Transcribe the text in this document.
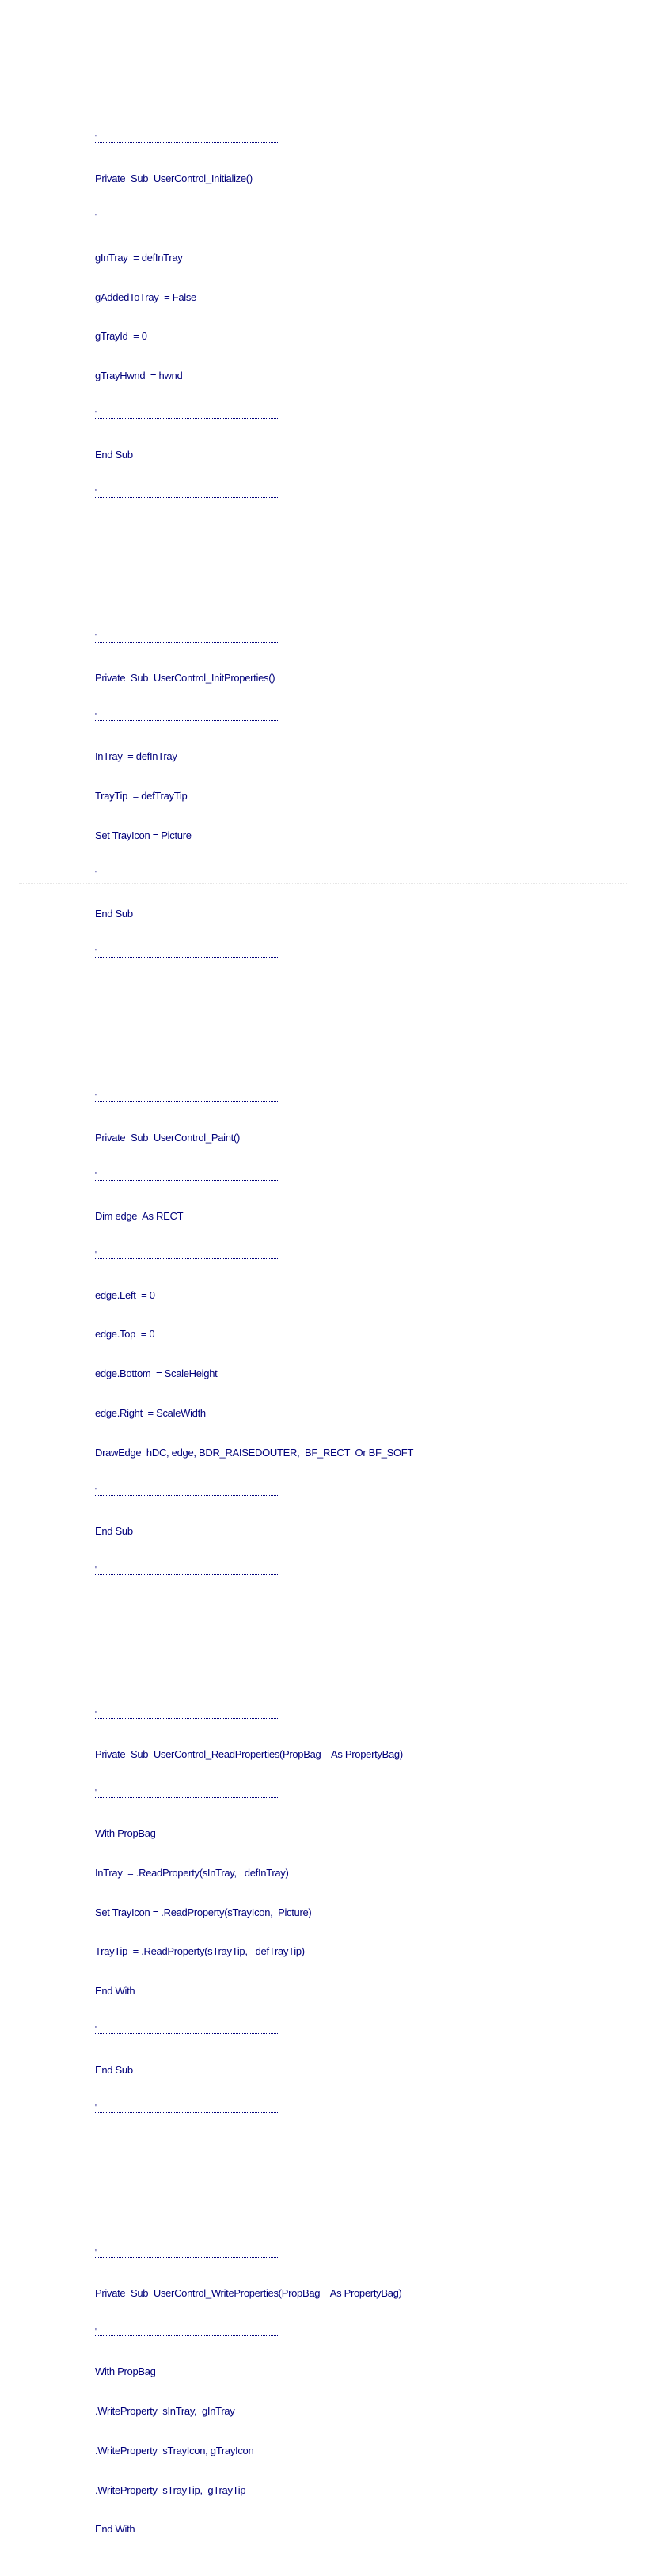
'

Private  Sub  UserControl_Initialize()

'

gInTray  = defInTray

gAddedToTray  = False

gTrayId  = 0

gTrayHwnd  = hwnd

'

End Sub

'

'

Private  Sub  UserControl_InitProperties()

'

InTray  = defInTray

TrayTip  = defTrayTip

Set TrayIcon = Picture

'

End Sub

'

'

Private  Sub  UserControl_Paint()

'

Dim edge  As RECT

'

edge.Left  = 0

edge.Top  = 0

edge.Bottom  = ScaleHeight

edge.Right  = ScaleWidth

DrawEdge  hDC, edge, BDR_RAISEDOUTER,  BF_RECT  Or BF_SOFT

'

End Sub

'

'

Private  Sub  UserControl_ReadProperties(PropBag    As PropertyBag)

'

With PropBag

InTray  = .ReadProperty(sInTray,   defInTray)

Set TrayIcon = .ReadProperty(sTrayIcon,  Picture)

TrayTip  = .ReadProperty(sTrayTip,   defTrayTip)

End With

'

End Sub

'

'

Private  Sub  UserControl_WriteProperties(PropBag    As PropertyBag)

'

With PropBag

.WriteProperty  sInTray,  gInTray

.WriteProperty  sTrayIcon, gTrayIcon

.WriteProperty  sTrayTip,  gTrayTip

End With
